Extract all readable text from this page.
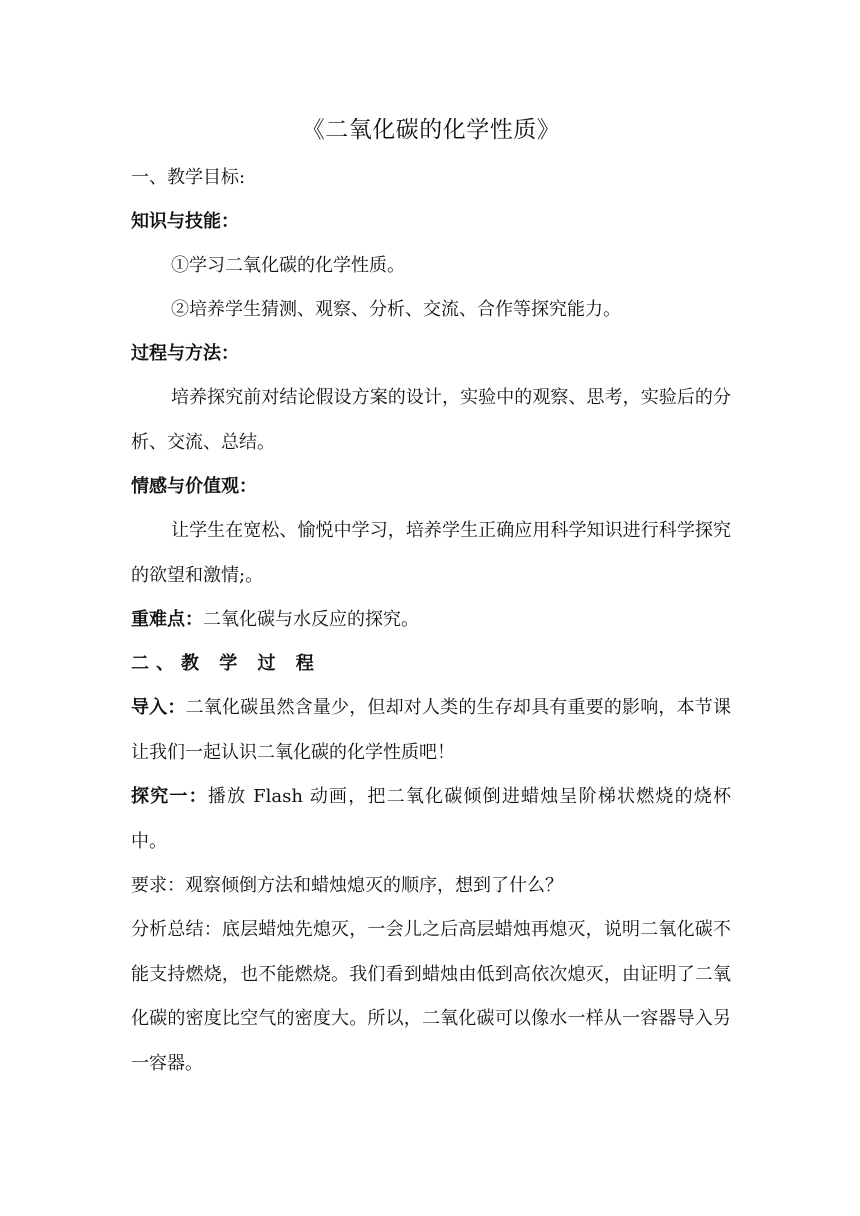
《二氧化碳的化学性质》
一、教学目标:
知识与技能：
①学习二氧化碳的化学性质。
②培养学生猜测、观察、分析、交流、合作等探究能力。
过程与方法：

培养探究前对结论假设方案的设计，实验中的观察、思考，实验后的分析、交流、总结。

情感与价值观：

让学生在宽松、愉悦中学习，培养学生正确应用科学知识进行科学探究的欲望和激情;。

重难点：二氧化碳与水反应的探究。
二、教 学 过 程

导入：二氧化碳虽然含量少，但却对人类的生存却具有重要的影响，本节课让我们一起认识二氧化碳的化学性质吧！

探究一：播放 Flash 动画，把二氧化碳倾倒进蜡烛呈阶梯状燃烧的烧杯中。

要求：观察倾倒方法和蜡烛熄灭的顺序，想到了什么？

分析总结：底层蜡烛先熄灭，一会儿之后高层蜡烛再熄灭，说明二氧化碳不能支持燃烧，也不能燃烧。我们看到蜡烛由低到高依次熄灭，由证明了二氧化碳的密度比空气的密度大。所以，二氧化碳可以像水一样从一容器导入另一容器。
